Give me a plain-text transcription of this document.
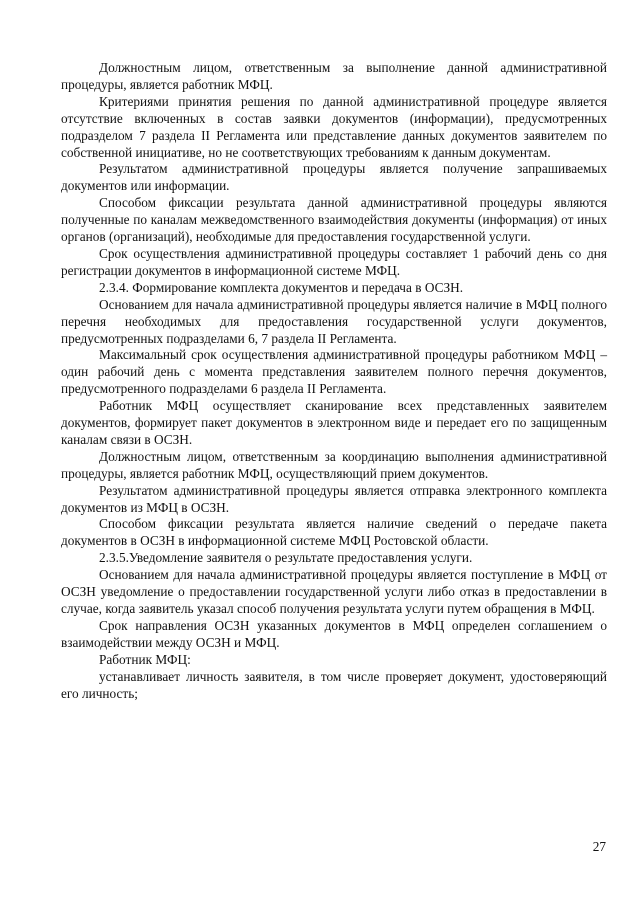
Должностным лицом, ответственным за выполнение данной административной процедуры, является работник МФЦ.

Критериями принятия решения по данной административной процедуре является отсутствие включенных в состав заявки документов (информации), предусмотренных подразделом 7 раздела II Регламента или представление данных документов заявителем по собственной инициативе, но не соответствующих требованиям к данным документам.

Результатом административной процедуры является получение запрашиваемых документов или информации.

Способом фиксации результата данной административной процедуры являются полученные по каналам межведомственного взаимодействия документы (информация) от иных органов (организаций), необходимые для предоставления государственной услуги.

Срок осуществления административной процедуры составляет 1 рабочий день со дня регистрации документов в информационной системе МФЦ.

2.3.4. Формирование комплекта документов и передача в ОСЗН.

Основанием для начала административной процедуры является наличие в МФЦ полного перечня необходимых для предоставления государственной услуги документов, предусмотренных подразделами 6, 7 раздела II Регламента.

Максимальный срок осуществления административной процедуры работником МФЦ – один рабочий день с момента представления заявителем полного перечня документов, предусмотренного подразделами 6 раздела II Регламента.

Работник МФЦ осуществляет сканирование всех представленных заявителем документов, формирует пакет документов в электронном виде и передает его по защищенным каналам связи в ОСЗН.

Должностным лицом, ответственным за координацию выполнения административной процедуры, является работник МФЦ, осуществляющий прием документов.

Результатом административной процедуры является отправка электронного комплекта документов из МФЦ в ОСЗН.

Способом фиксации результата является наличие сведений о передаче пакета документов в ОСЗН в информационной системе МФЦ Ростовской области.

2.3.5.Уведомление заявителя о результате предоставления услуги.

Основанием для начала административной процедуры является поступление в МФЦ от ОСЗН уведомление о предоставлении государственной услуги либо отказ в предоставлении в случае, когда заявитель указал способ получения результата услуги путем обращения в МФЦ.

Срок направления ОСЗН указанных документов в МФЦ определен соглашением о взаимодействии между ОСЗН и МФЦ.

Работник МФЦ:

устанавливает личность заявителя, в том числе проверяет документ, удостоверяющий его личность;

27
